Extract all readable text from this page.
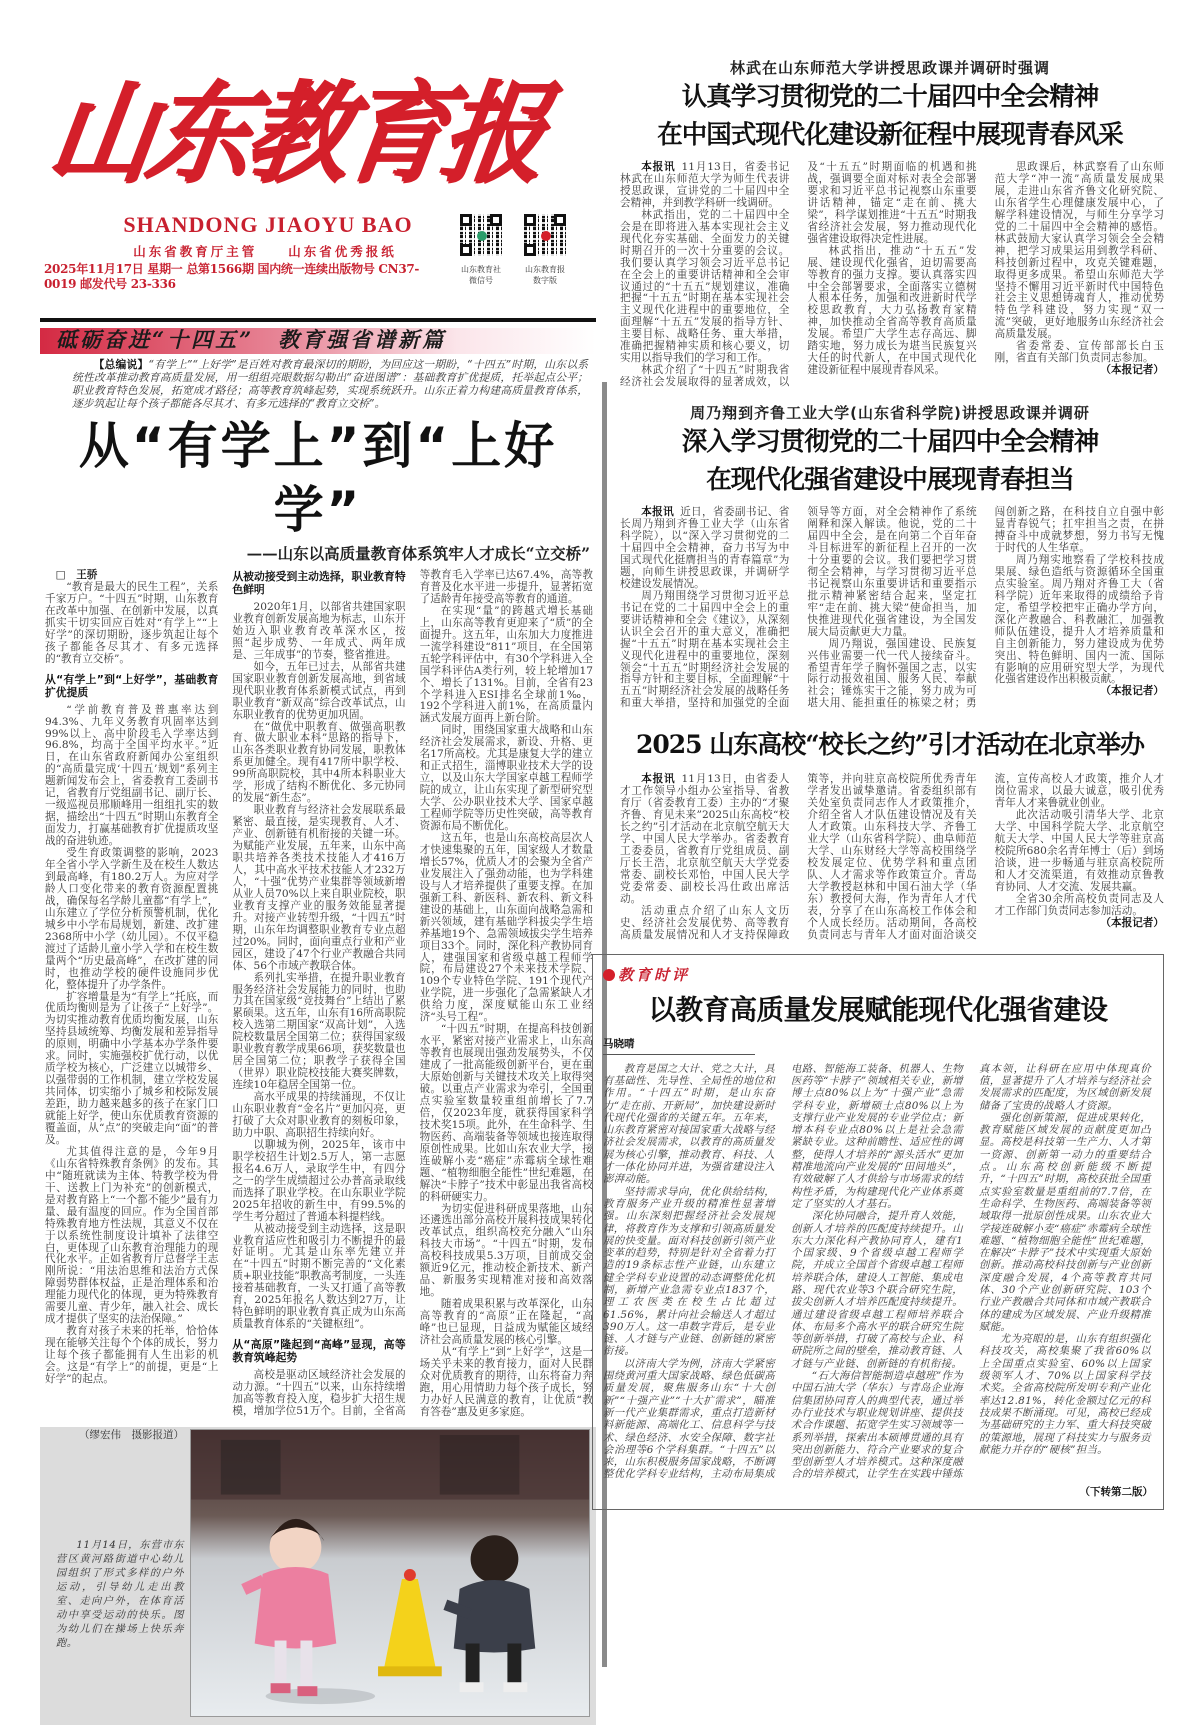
山东教育报
SHANDONG JIAOYU BAO
山东省教育厅主管　　山东省优秀报纸
2025年11月17日 星期一 总第1566期 国内统一连续出版物号 CN37-0019 邮发代号 23-336
山东教育社
微信号
山东教育报
数字版
砥砺奋进“十四五”　教育强省谱新篇
【总编说】“有学上”“上好学”是百姓对教育最深切的期盼，为回应这一期盼，“十四五”时期，山东以系统性改革推动教育高质量发展，用一组组亮眼数据勾勒出“奋进图谱”：基础教育扩优提质，托举起点公平；职业教育特色发展，拓宽成才路径；高等教育筑峰起势，实现系统跃升。山东正着力构建高质量教育体系，逐步筑起让每个孩子都能各尽其才、有多元选择的“教育立交桥”。
从“有学上”到“上好学”
——山东以高质量教育体系筑牢人才成长“立交桥”

□　王骄

“教育是最大的民生工程”，关系千家万户。“十四五”时期，山东教育在改革中加强、在创新中发展，以真抓实干切实回应百姓对“有学上”“上好学”的深切期盼，逐步筑起让每个孩子都能各尽其才、有多元选择的“教育立交桥”。

从“有学上”到“上好学”，基础教育扩优提质

“学前教育普及普惠率达到94.3%、九年义务教育巩固率达到99%以上、高中阶段毛入学率达到96.8%，均高于全国平均水平。”近日，在山东省政府新闻办公室组织的“高质量完成‘十四五’规划”系列主题新闻发布会上，省委教育工委副书记，省教育厅党组副书记、副厅长、一级巡视员邢顺峰用一组组扎实的数据，描绘出“十四五”时期山东教育全面发力，打赢基础教育扩优提质攻坚战的奋进轨迹。

受生育政策调整的影响，2023年全省小学入学新生及在校生人数达到最高峰，有180.2万人。为应对学龄人口变化带来的教育资源配置挑战，确保每名学龄儿童都“有学上”，山东建立了学位分析预警机制，优化城乡中小学布局规划，新建、改扩建2368所中小学（幼儿园）。不仅平稳渡过了适龄儿童小学入学和在校生数量两个“历史最高峰”，在改扩建的同时，也推动学校的硬件设施同步优化，整体提升了办学条件。

扩容增量是为“有学上”托底，而优质均衡则是为了让孩子“上好学”。为切实推动教育优质均衡发展，山东坚持县域统筹、均衡发展和差异指导的原则，明确中小学基本办学条件要求。同时，实施强校扩优行动，以优质学校为核心，广泛建立以城带乡、以强带弱的工作机制，建立学校发展共同体，切实缩小了城乡和校际发展差距，助力越来越多的孩子在家门口就能上好学，使山东优质教育资源的覆盖面，从“点”的突破走向“面”的普及。

尤其值得注意的是，今年9月《山东省特殊教育条例》的发布。其中“随班就读为主体、特教学校为骨干、送教上门为补充”的创新模式，是对教育路上“一个都不能少”最有力量、最有温度的回应。作为全国首部特殊教育地方性法规，其意义不仅在于以系统性制度设计填补了法律空白，更体现了山东教育治理能力的现代化水平。正如省教育厅总督学王志刚所说：“用法治思维和法治方式保障弱势群体权益，正是治理体系和治理能力现代化的体现，更为特殊教育需要儿童、青少年，融入社会、成长成才提供了坚实的法治保障。”

教育对孩子未来的托举，恰恰体现在能够关注每个个体的成长，努力让每个孩子都能拥有人生出彩的机会。这是“有学上”的前提，更是“上好学”的起点。

从被动接受到主动选择，职业教育特色鲜明

2020年1月，以部省共建国家职业教育创新发展高地为标志，山东开始迈入职业教育改革深水区，按照“起步成势、一年成式、两年成是、三年成事”的节奏，整省推进。

如今，五年已过去，从部省共建国家职业教育创新发展高地，到省域现代职业教育体系新模式试点，再到职业教育“新双高”综合改革试点，山东职业教育的优势更加巩固。

在“做优中职教育、做强高职教育、做大职业本科”思路的指导下，山东各类职业教育协同发展，职教体系更加健全。现有417所中职学校、99所高职院校，其中4所本科职业大学，形成了结构不断优化、多元协同的发展“新生态”。

职业教育与经济社会发展联系最紧密、最直接，是实现教育、人才、产业、创新链有机衔接的关键一环。为赋能产业发展，五年来，山东中高职共培养各类技术技能人才416万人，其中高水平技术技能人才232万人，“十强”优势产业集群等领域新增从业人员70%以上来自职业院校，职业教育支撑产业的服务效能显著提升。对接产业转型升级，“十四五”时期，山东年均调整职业教育专业点超过20%。同时，面向重点行业和产业园区，建设了47个行业产教融合共同体、56个市域产教联合体。

系列扎实举措，在提升职业教育服务经济社会发展能力的同时，也助力其在国家级“竞技舞台”上结出了累累硕果。这五年，山东有16所高职院校入选第二期国家“双高计划”，入选院校数量居全国第二位；获得国家级职业教育教学成果66项，获奖数量也居全国第二位；职教学子获得全国（世界）职业院校技能大赛奖牌数，连续10年稳居全国第一位。

高水平成果的持续涌现，不仅让山东职业教育“金名片”更加闪亮，更打破了大众对职业教育的刻板印象，助力中职、高职招生持续向好。

以聊城为例，2025年，该市中职学校招生计划2.5万人，第一志愿报名4.6万人，录取学生中，有四分之一的学生成绩超过公办普高录取线而选择了职业学校。在山东职业学院2025年招收的新生中，有99.5%的学生考分超过了普通本科提档线。

从被动接受到主动选择，这是职业教育适应性和吸引力不断提升的最好证明。尤其是山东率先建立并在“十四五”时期不断完善的“文化素质+职业技能”职教高考制度，一头连接着基础教育，一头又打通了高等教育，2025年报名人数达到27万，让特色鲜明的职业教育真正成为山东高质量教育体系的“关键枢纽”。

从“高原”隆起到“高峰”显现，高等教育筑峰起势

高校是驱动区域经济社会发展的动力源。“十四五”以来，山东持续增加高等教育投入度，稳步扩大招生规模，增加学位51万个。目前，全省高等教育毛入学率已达67.4%，高等教育普及化水平进一步提升，显著拓宽了适龄青年接受高等教育的通道。

在实现“量”的跨越式增长基础上，山东高等教育更迎来了“质”的全面提升。这五年，山东加大力度推进一流学科建设“811”项目，在全国第五轮学科评估中，有30个学科进入全国学科评估A类行列，较上轮增加17个、增长了131%。目前，全省有23个学科进入ESI排名全球前1‰，192个学科进入前1%，在高质量内涵式发展方面再上新台阶。

同时，围绕国家重大战略和山东经济社会发展需求，新设、升格、更名17所高校。尤其是康复大学的建立和正式招生，淄博职业技术大学的设立，以及山东大学国家卓越工程师学院的成立，让山东实现了新型研究型大学、公办职业技术大学、国家卓越工程师学院等历史性突破，高等教育资源布局不断优化。

这五年，也是山东高校高层次人才快速集聚的五年，国家级人才数量增长57%，优质人才的会聚为全省产业发展注入了强劲动能，也为学科建设与人才培养提供了重要支撑。在加强新工科、新医科、新农科、新文科建设的基础上，山东面向战略急需和新兴领域，建有基础学科拔尖学生培养基地19个、急需领域拔尖学生培养项目33个。同时，深化科产教协同育人，建强国家和省级卓越工程师学院，布局建设27个未来技术学院、109个专业特色学院、191个现代产业学院，进一步强化了急需紧缺人才供给力度，深度赋能山东工业经济“头号工程”。

“十四五”时期，在提高科技创新水平，紧密对接产业需求上，山东高等教育也展现出强劲发展势头，不仅建成了一批高能级创新平台，更在重大原始创新与关键技术攻关上取得突破。以重点产业需求为牵引，全国重点实验室数量较重组前增长了7.7倍，仅2023年度，就获得国家科学技术奖15项。此外，在生命科学、生物医药、高端装备等领域也接连取得原创性成果。比如山东农业大学，接连破解小麦“癌症”赤霉病全球性难题、“植物细胞全能性”世纪难题，在解决“卡脖子”技术中彰显出我省高校的科研硬实力。

为切实促进科研成果落地，山东还遴选出部分高校开展科技成果转化改革试点，组织高校充分融入“山东科技大市场”。“十四五”时期，发布高校科技成果5.3万项，目前成交金额近9亿元，推动校企新技术、新产品、新服务实现精准对接和高效落地。

随着成果积累与改革深化，山东高等教育的“高原”正在隆起，“高峰”也已显现，日益成为赋能区域经济社会高质量发展的核心引擎。

从“有学上”到“上好学”，这是一场关乎未来的教育接力，面对人民群众对优质教育的期待，山东将奋力奔跑，用心用情助力每个孩子成长，努力办好人民满意的教育，让优质“教育答卷”惠及更多家庭。

11月14日，东营市东营区黄河路街道中心幼儿园组织了形式多样的户外运动，引导幼儿走出教室、走向户外，在体育活动中享受运动的快乐。图为幼儿们在操场上快乐奔跑。
（缪宏伟　摄影报道）
林武在山东师范大学讲授思政课并调研时强调
认真学习贯彻党的二十届四中全会精神
在中国式现代化建设新征程中展现青春风采

本报讯 11月13日，省委书记林武在山东师范大学为师生代表讲授思政课，宣讲党的二十届四中全会精神，并到教学科研一线调研。

林武指出，党的二十届四中全会是在即将进入基本实现社会主义现代化夯实基础、全面发力的关键时期召开的一次十分重要的会议。我们要认真学习领会习近平总书记在全会上的重要讲话精神和全会审议通过的“十五五”规划建议，准确把握“十五五”时期在基本实现社会主义现代化进程中的重要地位，全面理解“十五五”发展的指导方针、主要目标、战略任务、重大举措，准确把握精神实质和核心要义，切实用以指导我们的学习和工作。

林武介绍了“十四五”时期我省经济社会发展取得的显著成效，以及“十五五”时期面临的机遇和挑战，强调要全面对标对表全会部署要求和习近平总书记视察山东重要讲话精神，锚定“走在前、挑大梁”，科学谋划推进“十五五”时期我省经济社会发展，努力推动现代化强省建设取得决定性进展。

林武指出，推动“十五五”发展、建设现代化强省，迫切需要高等教育的强力支撑。要认真落实四中全会部署要求，全面落实立德树人根本任务，加强和改进新时代学校思政教育，大力弘扬教育家精神，加快推动全省高等教育高质量发展。希望广大学生志存高远、脚踏实地，努力成长为堪当民族复兴大任的时代新人，在中国式现代化建设新征程中展现青春风采。

思政课后，林武察看了山东师范大学“冲一流”高质量发展成果展，走进山东省齐鲁文化研究院、山东省学生心理健康发展中心，了解学科建设情况，与师生分享学习党的二十届四中全会精神的感悟。林武鼓励大家认真学习领会全会精神，把学习成果运用到教学科研、科技创新过程中，攻克关键难题，取得更多成果。希望山东师范大学坚持不懈用习近平新时代中国特色社会主义思想铸魂育人，推动优势特色学科建设，努力实现“双一流”突破，更好地服务山东经济社会高质量发展。

省委常委、宣传部部长白玉刚，省直有关部门负责同志参加。

（本报记者）

周乃翔到齐鲁工业大学(山东省科学院)讲授思政课并调研
深入学习贯彻党的二十届四中全会精神
在现代化强省建设中展现青春担当

本报讯 近日，省委副书记、省长周乃翔到齐鲁工业大学（山东省科学院），以“深入学习贯彻党的二十届四中全会精神，奋力书写为中国式现代化挺膺担当的青春篇章”为题，向师生讲授思政课，并调研学校建设发展情况。

周乃翔围绕学习贯彻习近平总书记在党的二十届四中全会上的重要讲话精神和全会《建议》，从深刻认识全会召开的重大意义，准确把握“十五五”时期在基本实现社会主义现代化进程中的重要地位，深刻领会“十五五”时期经济社会发展的指导方针和主要目标，全面理解“十五五”时期经济社会发展的战略任务和重大举措，坚持和加强党的全面领导等方面，对全会精神作了系统阐释和深入解读。他说，党的二十届四中全会，是在向第二个百年奋斗目标进军的新征程上召开的一次十分重要的会议。我们要把学习贯彻全会精神，与学习贯彻习近平总书记视察山东重要讲话和重要指示批示精神紧密结合起来，坚定扛牢“走在前、挑大梁”使命担当，加快推进现代化强省建设，为全国发展大局贡献更大力量。

周乃翔说，强国建设、民族复兴伟业需要一代一代人接续奋斗。希望青年学子胸怀强国之志，以实际行动报效祖国、服务人民、奉献社会；锤炼实干之能，努力成为可堪大用、能担重任的栋梁之材；勇闯创新之路，在科技自立自强中彰显青春锐气；扛牢担当之责，在拼搏奋斗中成就梦想，努力书写无愧于时代的人生华章。

周乃翔实地察看了学校科技成果展、绿色造纸与资源循环全国重点实验室。周乃翔对齐鲁工大（省科学院）近年来取得的成绩给予肯定，希望学校把牢正确办学方向，深化产教融合、科教融汇，加强教师队伍建设，提升人才培养质量和自主创新能力，努力建设成为优势突出、特色鲜明、国内一流、国际有影响的应用研究型大学，为现代化强省建设作出积极贡献。

（本报记者）

2025 山东高校“校长之约”引才活动在北京举办

本报讯 11月13日，由省委人才工作领导小组办公室指导、省教育厅（省委教育工委）主办的“才聚齐鲁、育见未来”2025山东高校“校长之约”引才活动在北京航空航天大学、中国人民大学举办。省委教育工委委员，省教育厅党组成员、副厅长王浩，北京航空航天大学党委常委、副校长邓怡，中国人民大学党委常委、副校长冯仕政出席活动。

活动重点介绍了山东人文历史、经济社会发展优势、高等教育高质量发展情况和人才支持保障政策等，并向驻京高校院所优秀青年学者发出诚挚邀请。省委组织部有关处室负责同志作人才政策推介，介绍全省人才队伍建设情况及有关人才政策。山东科技大学、齐鲁工业大学（山东省科学院）、曲阜师范大学、山东财经大学等高校围绕学校发展定位、优势学科和重点团队、人才需求等作政策宣介。青岛大学教授赵林和中国石油大学（华东）教授何大海，作为青年人才代表，分享了在山东高校工作体会和个人成长经历。活动期间，各高校负责同志与青年人才面对面洽谈交流，宣传高校人才政策，推介人才岗位需求，以最大诚意，吸引优秀青年人才来鲁就业创业。

此次活动吸引清华大学、北京大学、中国科学院大学、北京航空航天大学、中国人民大学等驻京高校院所680余名青年博士（后）到场洽谈，进一步畅通与驻京高校院所和人才交流渠道，有效推动京鲁教育协同、人才交流、发展共赢。

全省30余所高校负责同志及人才工作部门负责同志参加活动。

（本报记者）

教育时评
以教育高质量发展赋能现代化强省建设
马晓晴

教育是国之大计、党之大计，具有基础性、先导性、全局性的地位和作用。“十四五”时期，是山东奋力“走在前、开新局”，加快建设新时代现代化强省的关键五年。五年来，山东教育紧密对接国家重大战略与经济社会发展需求，以教育的高质量发展为核心引擎，推动教育、科技、人才一体化协同并进，为强省建设注入澎湃动能。

坚持需求导向，优化供给结构，教育服务产业升级的精准性显著增强。山东深刻把握经济社会发展规律，将教育作为支撑和引领高质量发展的快变量。面对科技创新引领产业变革的趋势，特别是针对全省着力打造的19条标志性产业链，山东建立健全学科专业设置的动态调整优化机制，新增产业急需专业点1837个，理工农医类在校生占比超过61.56%，累计向社会输送人才超过390万人。这一串数字背后，是专业链、人才链与产业链、创新链的紧密衔接。

以济南大学为例，济南大学紧密围绕黄河重大国家战略、绿色低碳高质量发展，聚焦服务山东“十大创新”“十强产业”“十大扩需求”，瞄准新一代产业集群需求，重点打造新材料新能源、高端化工、信息科学与技术、绿色经济、水安全保障、数字社会治理等6个学科集群。“十四五”以来，山东积极服务国家战略，不断调整优化学科专业结构，主动布局集成电路、智能海工装备、机器人、生物医药等“卡脖子”领域相关专业，新增博士点80%以上为“十强产业”急需学科专业，新增硕士点80%以上为支撑行业产业发展的专业学位点；新增本科专业点80%以上是社会急需紧缺专业。这种前瞻性、适应性的调整，使得人才培养的“源头活水”更加精准地流向产业发展的“田间地头”，有效破解了人才供给与市场需求的结构性矛盾，为构建现代化产业体系奠定了坚实的人才基石。

深化协同融合，提升育人效能，创新人才培养的匹配度持续提升。山东大力深化科产教协同育人，建有1个国家级、9个省级卓越工程师学院，并成立全国首个省级卓越工程师培养联合体，建设人工智能、集成电路、现代农业等3个联合研究生院，拔尖创新人才培养匹配度持续提升。通过建设省级卓越工程师培养联合体、布局多个高水平的联合研究生院等创新举措，打破了高校与企业、科研院所之间的壁垒，推动教育链、人才链与产业链、创新链的有机衔接。

“石大海信智能制造卓越班”作为中国石油大学（华东）与青岛企业海信集团协同育人的典型代表，通过举办行业技术与职业规划讲座、提供技术合作课题、拓宽学生实习领域等一系列举措，探索出本硕博贯通的具有突出创新能力、符合产业要求的复合型创新型人才培养模式。这种深度融合的培养模式，让学生在实践中锤炼真本领，让科研在应用中体现真价值，显著提升了人才培养与经济社会发展需求的匹配度，为区域创新发展储备了宝贵的战略人才资源。

强化创新策源，促进成果转化，教育赋能区域发展的贡献度更加凸显。高校是科技第一生产力、人才第一资源、创新第一动力的重要结合点。山东高校创新能级不断提升，“十四五”时期，高校获批全国重点实验室数量是重组前的7.7倍，在生命科学、生物医药、高端装备等领域取得一批原创性成果。山东农业大学接连破解小麦“癌症”赤霉病全球性难题、“植物细胞全能性”世纪难题，在解决“卡脖子”技术中实现重大原始创新。推动高校科技创新与产业创新深度融合发展，4个高等教育共同体、30个产业创新研究院、103个行业产教融合共同体和市域产教联合体的建成为区域发展、产业升级精准赋能。

尤为亮眼的是，山东有组织强化科技攻关，高校集聚了我省60%以上全国重点实验室、60%以上国家级领军人才、70%以上国家科学技术奖。全省高校院所发明专利产业化率达12.81%，转化金额过亿元的科技成果不断涌现。可见，高校已经成为基础研究的主力军、重大科技突破的策源地，展现了科技实力与服务贡献能力并存的“硬核”担当。

（下转第二版）
